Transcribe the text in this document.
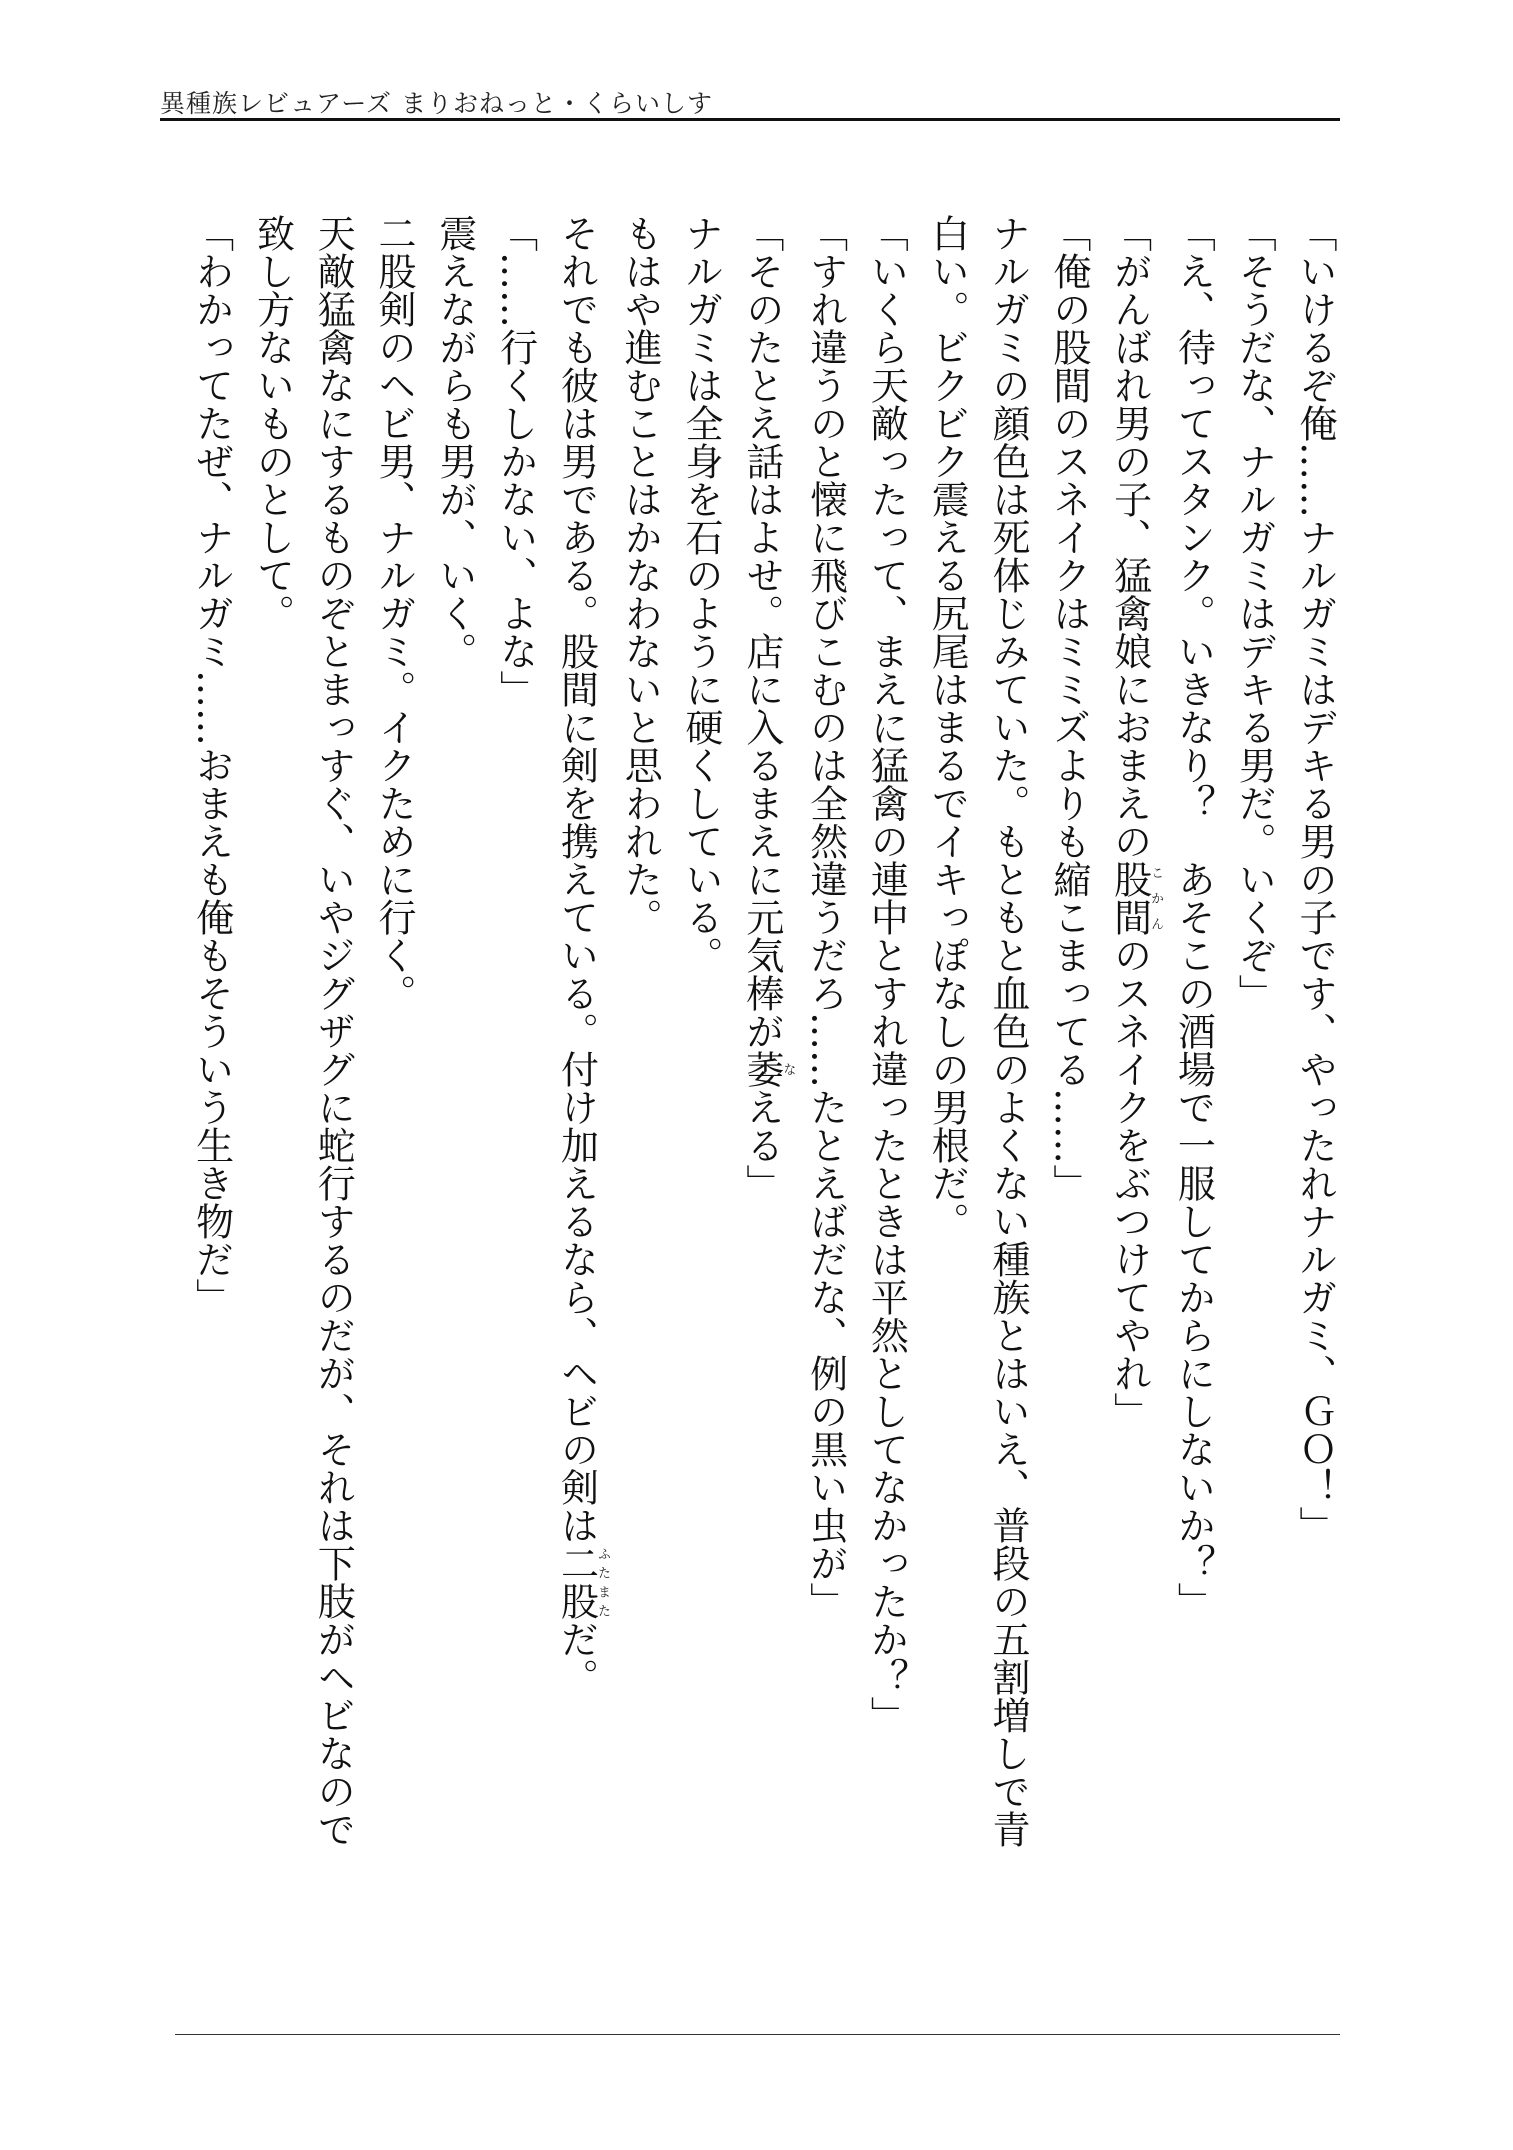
異種族レビュアーズ まりおねっと・くらいしす

「いけるぞ俺……ナルガミはデキる男の子です、やったれナルガミ、ＧＯ！」

「そうだな、ナルガミはデキる男だ。いくぞ」

「え、待ってスタンク。いきなり？　あそこの酒場で一服してからにしないか？」

「がんばれ男の子、猛禽娘におまえの股間こかんのスネイクをぶつけてやれ」

「俺の股間のスネイクはミミズよりも縮こまってる……」

ナルガミの顔色は死体じみていた。もともと血色のよくない種族とはいえ、普段の五割増しで青白い。ビクビク震える尻尾はまるでイキっぽなしの男根だ。

「いくら天敵ったって、まえに猛禽の連中とすれ違ったときは平然としてなかったか？」

「すれ違うのと懐に飛びこむのは全然違うだろ……たとえばだな、例の黒い虫が」

「そのたとえ話はよせ。店に入るまえに元気棒が萎なえる」

ナルガミは全身を石のように硬くしている。

もはや進むことはかなわないと思われた。

それでも彼は男である。股間に剣を携えている。付け加えるなら、ヘビの剣は二股ふたまただ。

「……行くしかない、よな」

震えながらも男が、いく。

二股剣のヘビ男、ナルガミ。イクために行く。

天敵猛禽なにするものぞとまっすぐ、いやジグザグに蛇行するのだが、それは下肢がヘビなので致し方ないものとして。

「わかってたぜ、ナルガミ……おまえも俺もそういう生き物だ」
